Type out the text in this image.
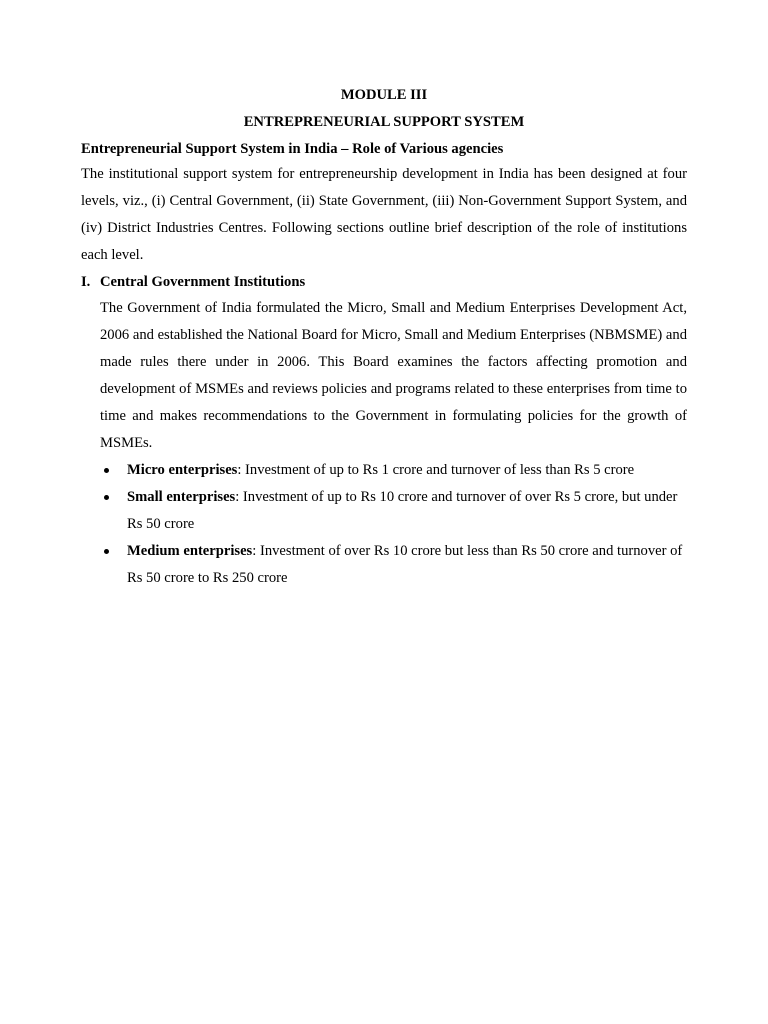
MODULE III
ENTREPRENEURIAL SUPPORT SYSTEM
Entrepreneurial Support System in India – Role of Various agencies

The institutional support system for entrepreneurship development in India has been designed at four levels, viz., (i) Central Government, (ii) State Government, (iii) Non-Government Support System, and (iv) District Industries Centres. Following sections outline brief description of the role of institutions each level.

I. Central Government Institutions

The Government of India formulated the Micro, Small and Medium Enterprises Development Act, 2006 and established the National Board for Micro, Small and Medium Enterprises (NBMSME) and made rules there under in 2006. This Board examines the factors affecting promotion and development of MSMEs and reviews policies and programs related to these enterprises from time to time and makes recommendations to the Government in formulating policies for the growth of MSMEs.

Micro enterprises: Investment of up to Rs 1 crore and turnover of less than Rs 5 crore
Small enterprises: Investment of up to Rs 10 crore and turnover of over Rs 5 crore, but under Rs 50 crore
Medium enterprises: Investment of over Rs 10 crore but less than Rs 50 crore and turnover of Rs 50 crore to Rs 250 crore
